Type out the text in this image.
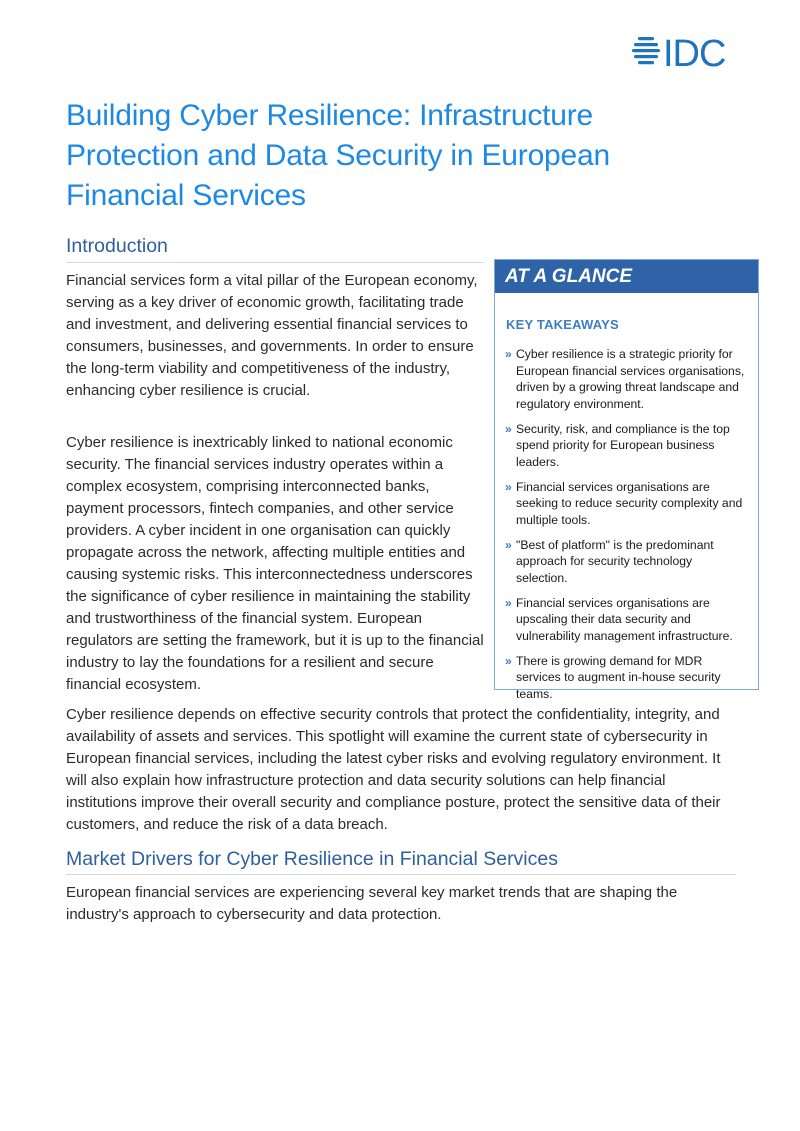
IDC
Building Cyber Resilience: Infrastructure Protection and Data Security in European Financial Services
Introduction

Financial services form a vital pillar of the European economy, serving as a key driver of economic growth, facilitating trade and investment, and delivering essential financial services to consumers, businesses, and governments. In order to ensure the long-term viability and competitiveness of the industry, enhancing cyber resilience is crucial.

Cyber resilience is inextricably linked to national economic security. The financial services industry operates within a complex ecosystem, comprising interconnected banks, payment processors, fintech companies, and other service providers. A cyber incident in one organisation can quickly propagate across the network, affecting multiple entities and causing systemic risks. This interconnectedness underscores the significance of cyber resilience in maintaining the stability and trustworthiness of the financial system. European regulators are setting the framework, but it is up to the financial industry to lay the foundations for a resilient and secure financial ecosystem.

Cyber resilience depends on effective security controls that protect the confidentiality, integrity, and availability of assets and services. This spotlight will examine the current state of cybersecurity in European financial services, including the latest cyber risks and evolving regulatory environment. It will also explain how infrastructure protection and data security solutions can help financial institutions improve their overall security and compliance posture, protect the sensitive data of their customers, and reduce the risk of a data breach.

Market Drivers for Cyber Resilience in Financial Services

European financial services are experiencing several key market trends that are shaping the industry's approach to cybersecurity and data protection.

AT A GLANCE
KEY TAKEAWAYS
» Cyber resilience is a strategic priority for European financial services organisations, driven by a growing threat landscape and regulatory environment.
» Security, risk, and compliance is the top spend priority for European business leaders.
» Financial services organisations are seeking to reduce security complexity and multiple tools.
» "Best of platform" is the predominant approach for security technology selection.
» Financial services organisations are upscaling their data security and vulnerability management infrastructure.
» There is growing demand for MDR services to augment in-house security teams.
